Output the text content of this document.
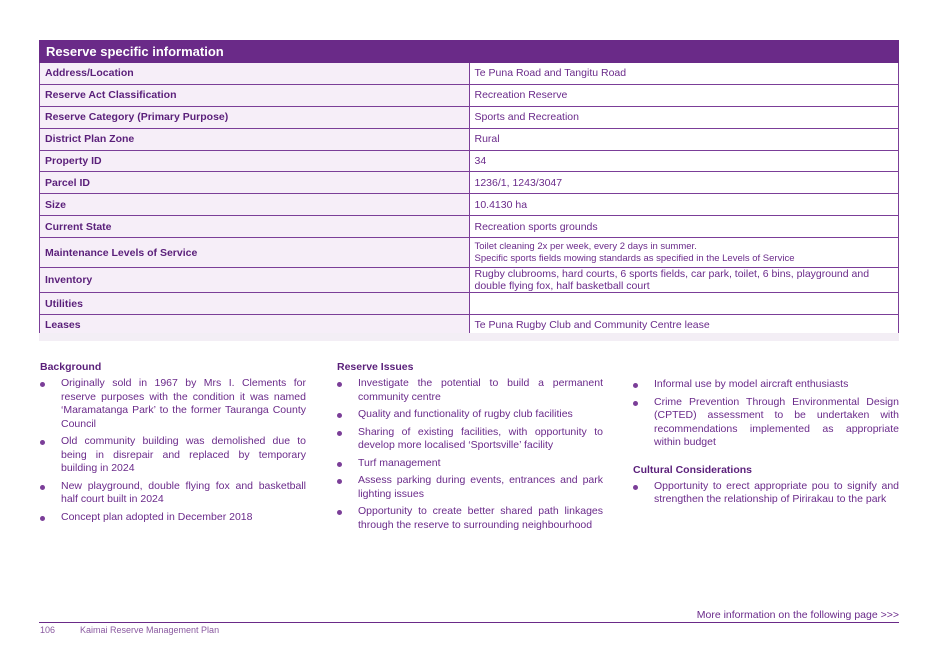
Reserve specific information	
Address/Location	Te Puna Road and Tangitu Road
Reserve Act Classification	Recreation Reserve
Reserve Category (Primary Purpose)	Sports and Recreation
District Plan Zone	Rural
Property ID	34
Parcel ID	1236/1, 1243/3047
Size	10.4130 ha
Current State	Recreation sports grounds
Maintenance Levels of Service	Toilet cleaning 2x per week, every 2 days in summer.
Specific sports fields mowing standards as specified in the Levels of Service

Inventory	Rugby clubrooms, hard courts, 6 sports fields, car park, toilet, 6 bins, playground and double flying fox, half basketball court
Utilities	
Leases	Te Puna Rugby Club and Community Centre lease
Background
Originally sold in 1967 by Mrs I. Clements for reserve purposes with the condition it was named ‘Maramatanga Park’ to the former Tauranga County Council
Old community building was demolished due to being in disrepair and replaced by temporary building in 2024
New playground, double flying fox and basketball half court built in 2024
Concept plan adopted in December 2018
Reserve Issues
Investigate the potential to build a permanent community centre
Quality and functionality of rugby club facilities
Sharing of existing facilities, with opportunity to develop more localised ‘Sportsville’ facility
Turf management
Assess parking during events, entrances and park lighting issues
Opportunity to create better shared path linkages through the reserve to surrounding neighbourhood
Informal use by model aircraft enthusiasts
Crime Prevention Through Environmental Design (CPTED) assessment to be undertaken with recommendations implemented as appropriate within budget
Cultural Considerations
Opportunity to erect appropriate pou to signify and strengthen the relationship of Pirirakau to the park
More information on the following page >>>
106	Kaimai Reserve Management Plan
